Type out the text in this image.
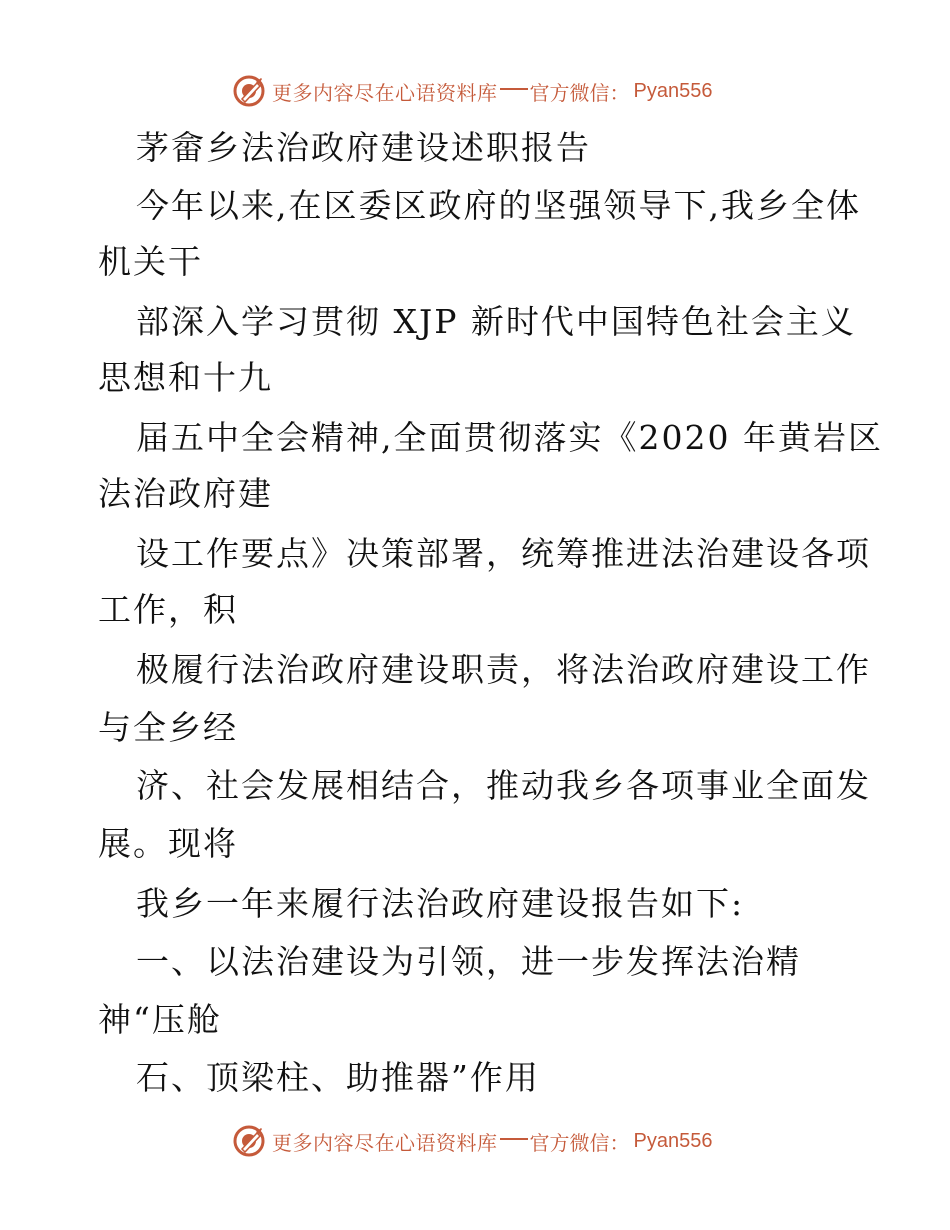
更多内容尽在心语资料库 官方微信： Pyan556
茅畲乡法治政府建设述职报告
今年以来,在区委区政府的坚强领导下,我乡全体
机关干
部深入学习贯彻 XJP 新时代中国特色社会主义
思想和十九
届五中全会精神,全面贯彻落实《2020 年黄岩区
法治政府建
设工作要点》决策部署，统筹推进法治建设各项
工作，积
极履行法治政府建设职责，将法治政府建设工作
与全乡经
济、社会发展相结合，推动我乡各项事业全面发
展。现将
我乡一年来履行法治政府建设报告如下:
一、以法治建设为引领，进一步发挥法治精
神“压舱
石、顶梁柱、助推器”作用
更多内容尽在心语资料库 官方微信： Pyan556
